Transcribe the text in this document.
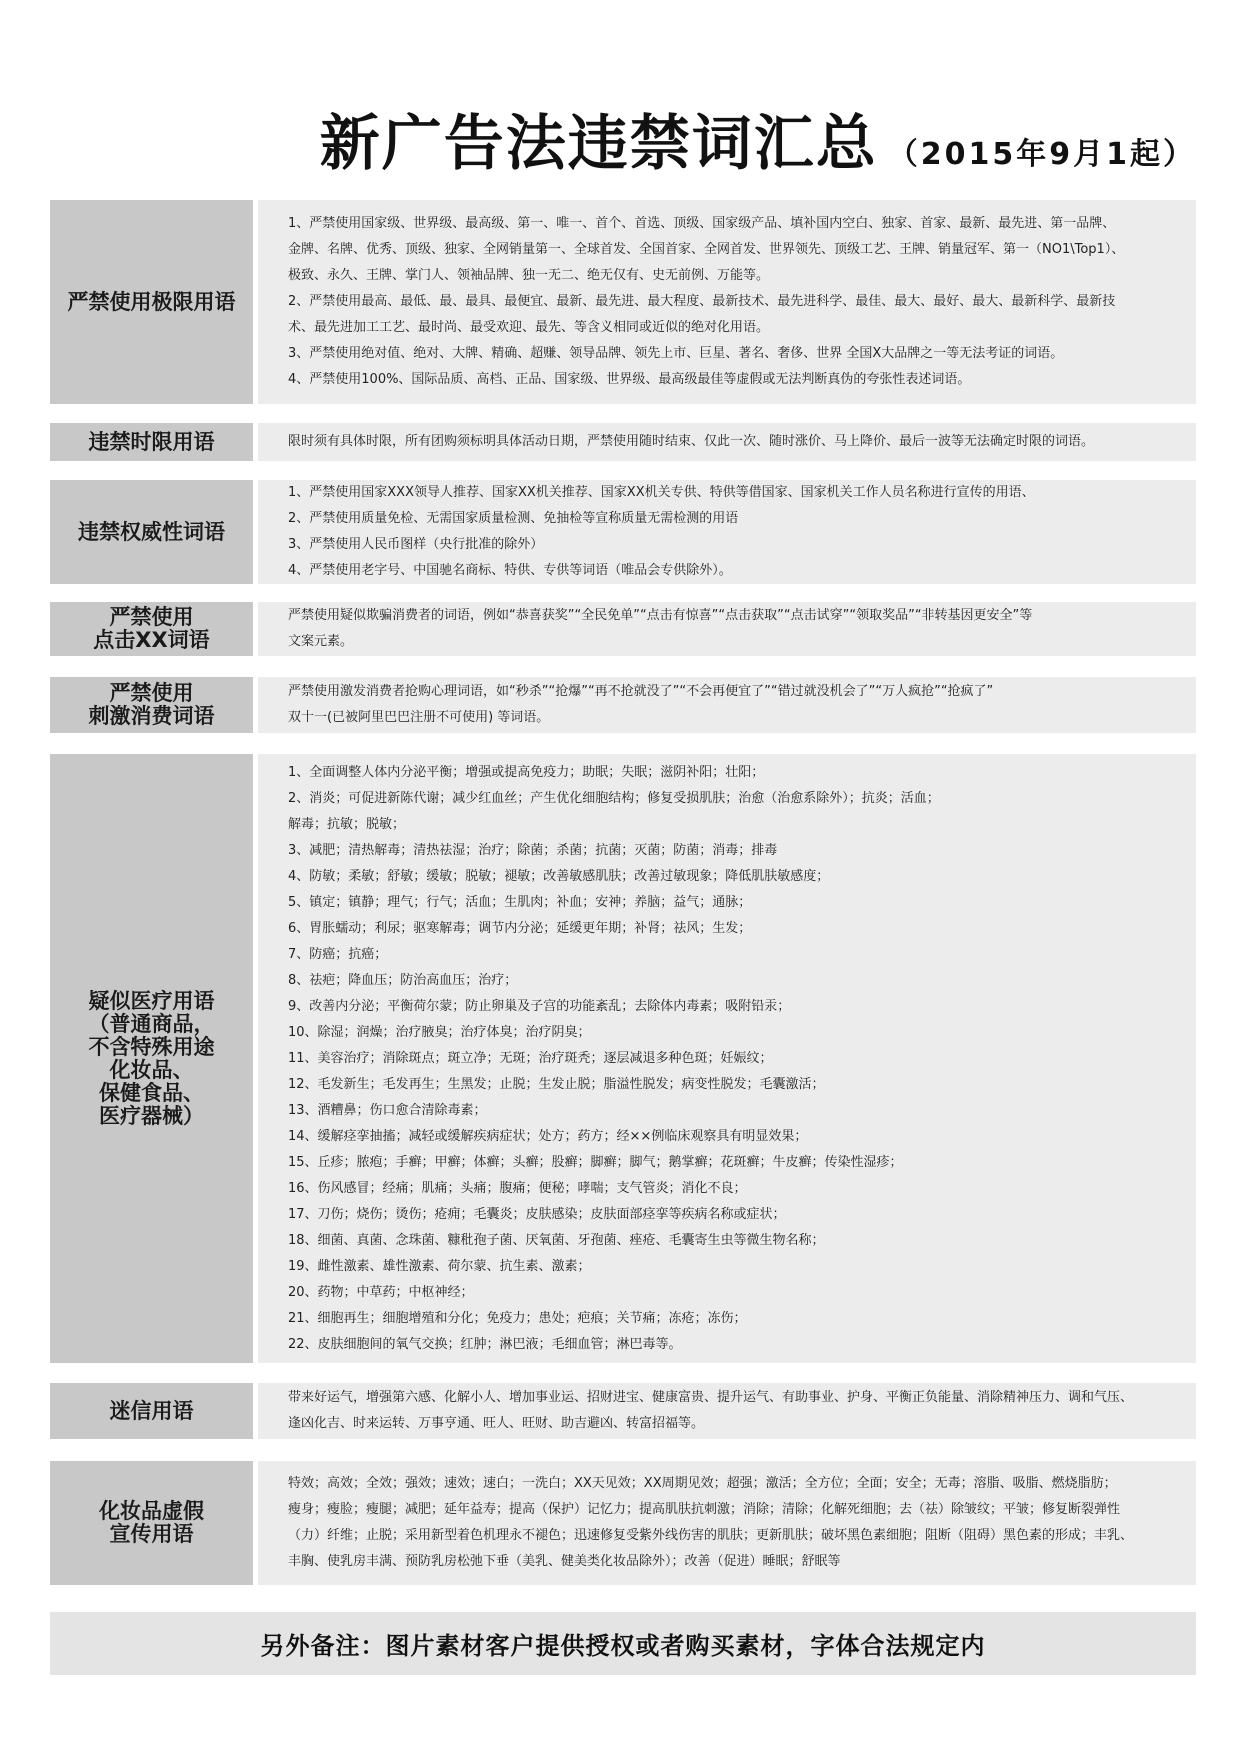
新广告法违禁词汇总 （2015年9月1起）
严禁使用极限用语
1、严禁使用国家级、世界级、最高级、第一、唯一、首个、首选、顶级、国家级产品、填补国内空白、独家、首家、最新、最先进、第一品牌、
金牌、名牌、优秀、顶级、独家、全网销量第一、全球首发、全国首家、全网首发、世界领先、顶级工艺、王牌、销量冠军、第一（NO1\Top1）、
极致、永久、王牌、掌门人、领袖品牌、独一无二、绝无仅有、史无前例、万能等。
2、严禁使用最高、最低、最、最具、最便宜、最新、最先进、最大程度、最新技术、最先进科学、最佳、最大、最好、最大、最新科学、最新技
术、最先进加工工艺、最时尚、最受欢迎、最先、等含义相同或近似的绝对化用语。
3、严禁使用绝对值、绝对、大牌、精确、超赚、领导品牌、领先上市、巨星、著名、奢侈、世界 全国X大品牌之一等无法考证的词语。
4、严禁使用100%、国际品质、高档、正品、国家级、世界级、最高级最佳等虚假或无法判断真伪的夸张性表述词语。
违禁时限用语	限时须有具体时限，所有团购须标明具体活动日期，严禁使用随时结束、仅此一次、随时涨价、马上降价、最后一波等无法确定时限的词语。
违禁权威性词语
1、严禁使用国家XXX领导人推荐、国家XX机关推荐、国家XX机关专供、特供等借国家、国家机关工作人员名称进行宣传的用语、
2、严禁使用质量免检、无需国家质量检测、免抽检等宣称质量无需检测的用语
3、严禁使用人民币图样（央行批准的除外）
4、严禁使用老字号、中国驰名商标、特供、专供等词语（唯品会专供除外）。
严禁使用
点击XX词语
严禁使用疑似欺骗消费者的词语，例如“恭喜获奖”“全民免单”“点击有惊喜”“点击获取”“点击试穿”“领取奖品”“非转基因更安全”等
文案元素。
严禁使用
刺激消费词语
严禁使用激发消费者抢购心理词语，如“秒杀”“抢爆”“再不抢就没了”“不会再便宜了”“错过就没机会了”“万人疯抢”“抢疯了”
双十一(已被阿里巴巴注册不可使用) 等词语。
疑似医疗用语
（普通商品，
不含特殊用途
化妆品、
保健食品、
医疗器械）
1、全面调整人体内分泌平衡；增强或提高免疫力；助眠；失眠；滋阴补阳；壮阳；
2、消炎；可促进新陈代谢；减少红血丝；产生优化细胞结构；修复受损肌肤；治愈（治愈系除外）；抗炎；活血；
解毒；抗敏；脱敏；
3、减肥；清热解毒；清热祛湿；治疗；除菌；杀菌；抗菌；灭菌；防菌；消毒；排毒
4、防敏；柔敏；舒敏；缓敏；脱敏；褪敏；改善敏感肌肤；改善过敏现象；降低肌肤敏感度；
5、镇定；镇静；理气；行气；活血；生肌肉；补血；安神；养脑；益气；通脉；
6、胃胀蠕动；利尿；驱寒解毒；调节内分泌；延缓更年期；补肾；祛风；生发；
7、防癌；抗癌；
8、祛疤；降血压；防治高血压；治疗；
9、改善内分泌；平衡荷尔蒙；防止卵巢及子宫的功能紊乱；去除体内毒素；吸附铅汞；
10、除湿；润燥；治疗腋臭；治疗体臭；治疗阴臭；
11、美容治疗；消除斑点；斑立净；无斑；治疗斑秃；逐层减退多种色斑；妊娠纹；
12、毛发新生；毛发再生；生黑发；止脱；生发止脱；脂溢性脱发；病变性脱发；毛囊激活；
13、酒糟鼻；伤口愈合清除毒素；
14、缓解痉挛抽搐；减轻或缓解疾病症状；处方；药方；经××例临床观察具有明显效果；
15、丘疹；脓疱；手癣；甲癣；体癣；头癣；股癣；脚癣；脚气；鹅掌癣；花斑癣；牛皮癣；传染性湿疹；
16、伤风感冒；经痛；肌痛；头痛；腹痛；便秘；哮喘；支气管炎；消化不良；
17、刀伤；烧伤；烫伤；疮痈；毛囊炎；皮肤感染；皮肤面部痉挛等疾病名称或症状；
18、细菌、真菌、念珠菌、糠秕孢子菌、厌氧菌、牙孢菌、痤疮、毛囊寄生虫等微生物名称；
19、雌性激素、雄性激素、荷尔蒙、抗生素、激素；
20、药物；中草药；中枢神经；
21、细胞再生；细胞增殖和分化；免疫力；患处；疤痕；关节痛；冻疮；冻伤；
22、皮肤细胞间的氧气交换；红肿；淋巴液；毛细血管；淋巴毒等。
迷信用语
带来好运气，增强第六感、化解小人、增加事业运、招财进宝、健康富贵、提升运气、有助事业、护身、平衡正负能量、消除精神压力、调和气压、
逢凶化吉、时来运转、万事亨通、旺人、旺财、助吉避凶、转富招福等。
化妆品虚假
宣传用语
特效；高效；全效；强效；速效；速白；一洗白；XX天见效；XX周期见效；超强；激活；全方位；全面；安全；无毒；溶脂、吸脂、燃烧脂肪；
瘦身；瘦脸；瘦腿；减肥；延年益寿；提高（保护）记忆力；提高肌肤抗刺激；消除；清除；化解死细胞；去（祛）除皱纹；平皱；修复断裂弹性
（力）纤维；止脱；采用新型着色机理永不褪色；迅速修复受紫外线伤害的肌肤；更新肌肤；破坏黑色素细胞；阻断（阻碍）黑色素的形成；丰乳、
丰胸、使乳房丰满、预防乳房松弛下垂（美乳、健美类化妆品除外）；改善（促进）睡眠；舒眠等
另外备注：图片素材客户提供授权或者购买素材，字体合法规定内
